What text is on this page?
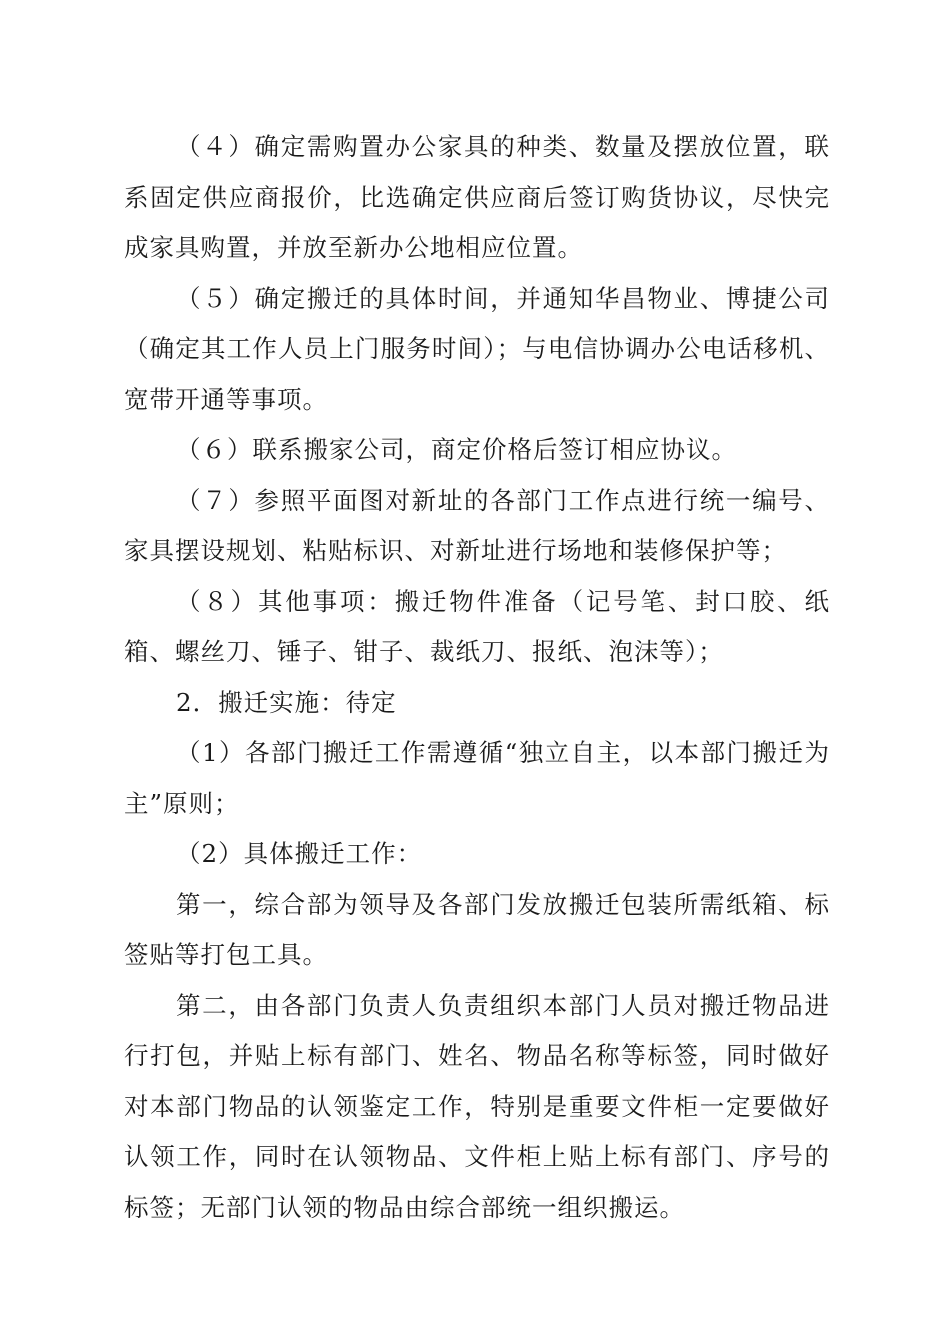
（４）确定需购置办公家具的种类、数量及摆放位置，联系固定供应商报价，比选确定供应商后签订购货协议，尽快完成家具购置，并放至新办公地相应位置。

（５）确定搬迁的具体时间，并通知华昌物业、博捷公司（确定其工作人员上门服务时间）；与电信协调办公电话移机、宽带开通等事项。

（６）联系搬家公司，商定价格后签订相应协议。

（７）参照平面图对新址的各部门工作点进行统一编号、家具摆设规划、粘贴标识、对新址进行场地和装修保护等；

（８）其他事项：搬迁物件准备（记号笔、封口胶、纸箱、螺丝刀、锤子、钳子、裁纸刀、报纸、泡沫等）；

2．搬迁实施：待定

（1）各部门搬迁工作需遵循“独立自主，以本部门搬迁为主”原则；

（2）具体搬迁工作：

第一，综合部为领导及各部门发放搬迁包装所需纸箱、标签贴等打包工具。

第二，由各部门负责人负责组织本部门人员对搬迁物品进行打包，并贴上标有部门、姓名、物品名称等标签，同时做好对本部门物品的认领鉴定工作，特别是重要文件柜一定要做好认领工作，同时在认领物品、文件柜上贴上标有部门、序号的标签；无部门认领的物品由综合部统一组织搬运。
